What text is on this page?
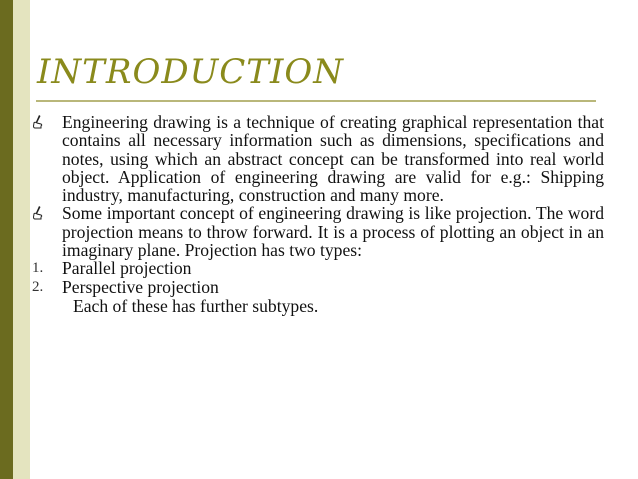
INTRODUCTION
Engineering drawing is a technique of creating graphical representation that contains all necessary information such as dimensions, specifications and notes, using which an abstract concept can be transformed into real world object. Application of engineering drawing are valid for e.g.: Shipping industry, manufacturing, construction and many more.
Some important concept of engineering drawing is like projection. The word projection means to throw forward. It is a process of plotting an object in an imaginary plane. Projection has two types:
1.	Parallel projection
2.	Perspective projection
Each of these has further subtypes.
